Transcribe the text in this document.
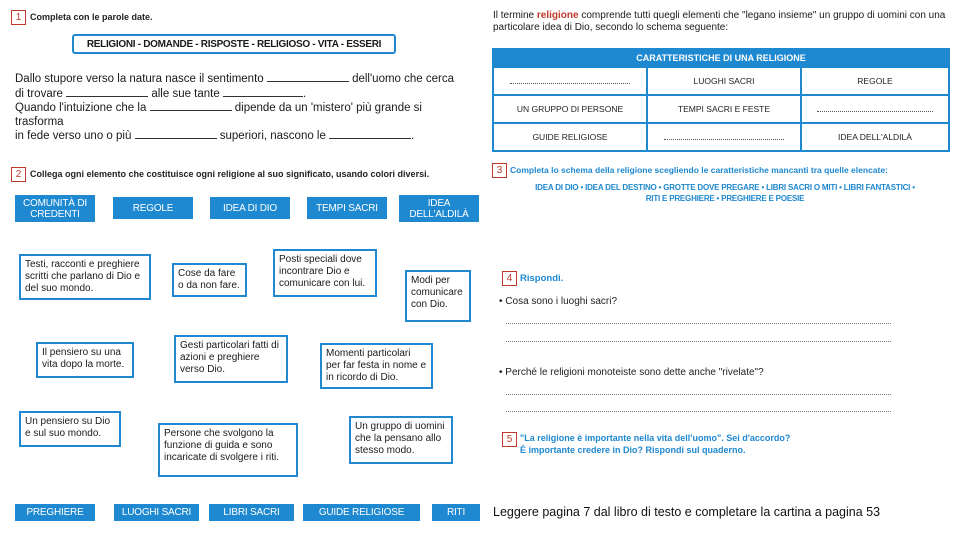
1 Completa con le parole date.
RELIGIONI - DOMANDE - RISPOSTE - RELIGIOSO - VITA - ESSERI
Dallo stupore verso la natura nasce il sentimento	dell'uomo che cerca
di trovare	alle sue tante	.
Quando l'intuizione che la	dipende da un 'mistero' più grande si trasforma
in fede verso uno o più	superiori, nascono le	.
2 Collega ogni elemento che costituisce ogni religione al suo significato, usando colori diversi.
COMUNITÀ DI CREDENTI
REGOLE	IDEA DI DIO	TEMPI SACRI	IDEA DELL'ALDILÀ
Testi, racconti e preghiere scritti che parlano di Dio e del suo mondo.
Cose da fare o da non fare.
Posti speciali dove incontrare Dio e comunicare con lui.	Modi per comunicare con Dio.
Il pensiero su una vita dopo la morte.
Gesti particolari fatti di azioni e preghiere verso Dio.
Momenti particolari per far festa in nome e in ricordo di Dio.
Un pensiero su Dio e sul suo mondo.	Persone che svolgono la funzione di guida e sono incaricate di svolgere i riti.
Un gruppo di uomini che la pensano allo stesso modo.
PREGHIERE	LUOGHI SACRI	LIBRI SACRI	GUIDE RELIGIOSE	RITI
Il termine religione comprende tutti quegli elementi che "legano insieme" un gruppo di uomini con una particolare idea di Dio, secondo lo schema seguente:
CARATTERISTICHE DI UNA RELIGIONE		
	LUOGHI SACRI	REGOLE
UN GRUPPO DI PERSONE	TEMPI SACRI E FESTE	
GUIDE RELIGIOSE		IDEA DELL'ALDILÀ
3 Completa lo schema della religione scegliendo le caratteristiche mancanti tra quelle elencate:
IDEA DI DIO • IDEA DEL DESTINO • GROTTE DOVE PREGARE • LIBRI SACRI O MITI • LIBRI FANTASTICI •
RITI E PREGHIERE • PREGHIERE E POESIE
4 Rispondi.
• Cosa sono i luoghi sacri?
• Perché le religioni monoteiste sono dette anche "rivelate"?
5 "La religione è importante nella vita dell'uomo". Sei d'accordo?
È importante credere in Dio? Rispondi sul quaderno.
Leggere pagina 7 dal libro di testo e completare la cartina a pagina 53
